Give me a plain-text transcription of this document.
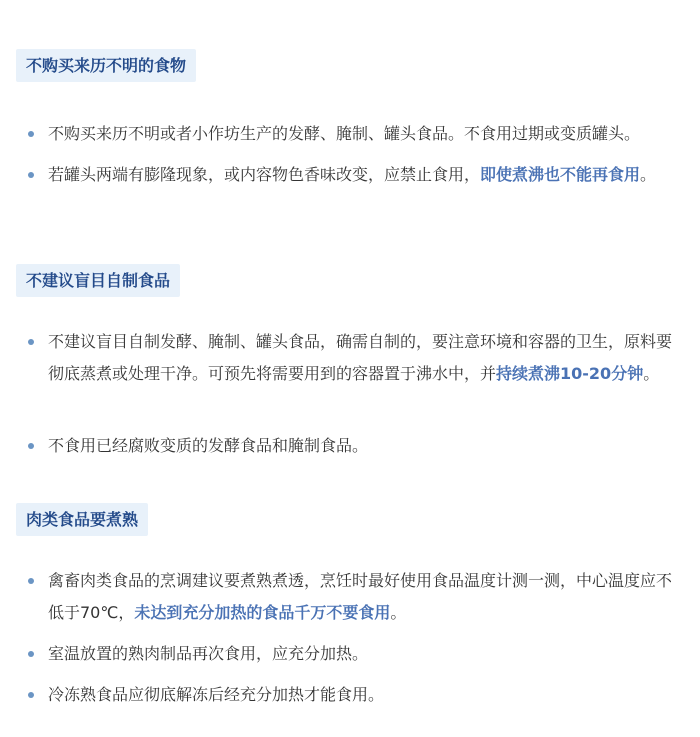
不购买来历不明的食物
不购买来历不明或者小作坊生产的发酵、腌制、罐头食品。不食用过期或变质罐头。
若罐头两端有膨隆现象，或内容物色香味改变，应禁止食用，即使煮沸也不能再食用。
不建议盲目自制食品
不建议盲目自制发酵、腌制、罐头食品，确需自制的，要注意环境和容器的卫生，原料要彻底蒸煮或处理干净。可预先将需要用到的容器置于沸水中，并持续煮沸10-20分钟。
不食用已经腐败变质的发酵食品和腌制食品。
肉类食品要煮熟
禽畜肉类食品的烹调建议要煮熟煮透，烹饪时最好使用食品温度计测一测，中心温度应不低于70℃，未达到充分加热的食品千万不要食用。
室温放置的熟肉制品再次食用，应充分加热。
冷冻熟食品应彻底解冻后经充分加热才能食用。
